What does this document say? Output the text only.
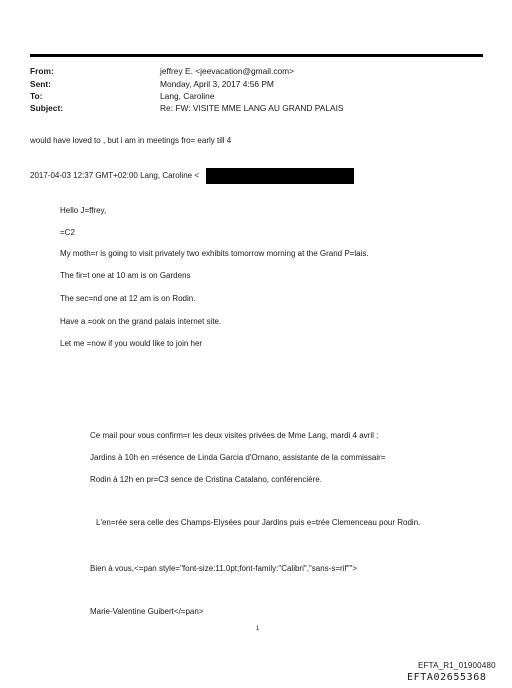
From:	jeffrey E. <jeevacation@gmail.com>
Sent:	Monday, April 3, 2017 4:56 PM
To:	Lang, Caroline
Subject:	Re: FW: VISITE MME LANG AU GRAND PALAIS
would have loved to , but i am in meetings fro= early till 4
2017-04-03 12:37 GMT+02:00 Lang, Caroline <
Hello J=ffrey,
=C2
My moth=r is going to visit privately two exhibits tomorrow morning at the Grand P=lais.
The fir=t one at 10 am is on Gardens
The sec=nd one at 12 am is on Rodin.
Have a =ook on the grand palais internet site.
Let me =now if you would like to join her
Ce mail pour vous confirm=r les deux visites privées de Mme Lang, mardi 4 avril :
Jardins à 10h en =résence de Linda Garcia d'Ornano, assistante de la commissair=
Rodin à 12h en pr=C3 sence de Cristina Catalano, conférencière.
L'en=rée sera celle des Champs-Elysées pour Jardins puis e=trée Clemenceau pour Rodin.
Bien à vous,<=pan style="font-size:11.0pt;font-family:"Calibri","sans-s=rif"">
Marie-Valentine Guibert</=pan>
1
EFTA_R1_01900480
EFTA02655368
